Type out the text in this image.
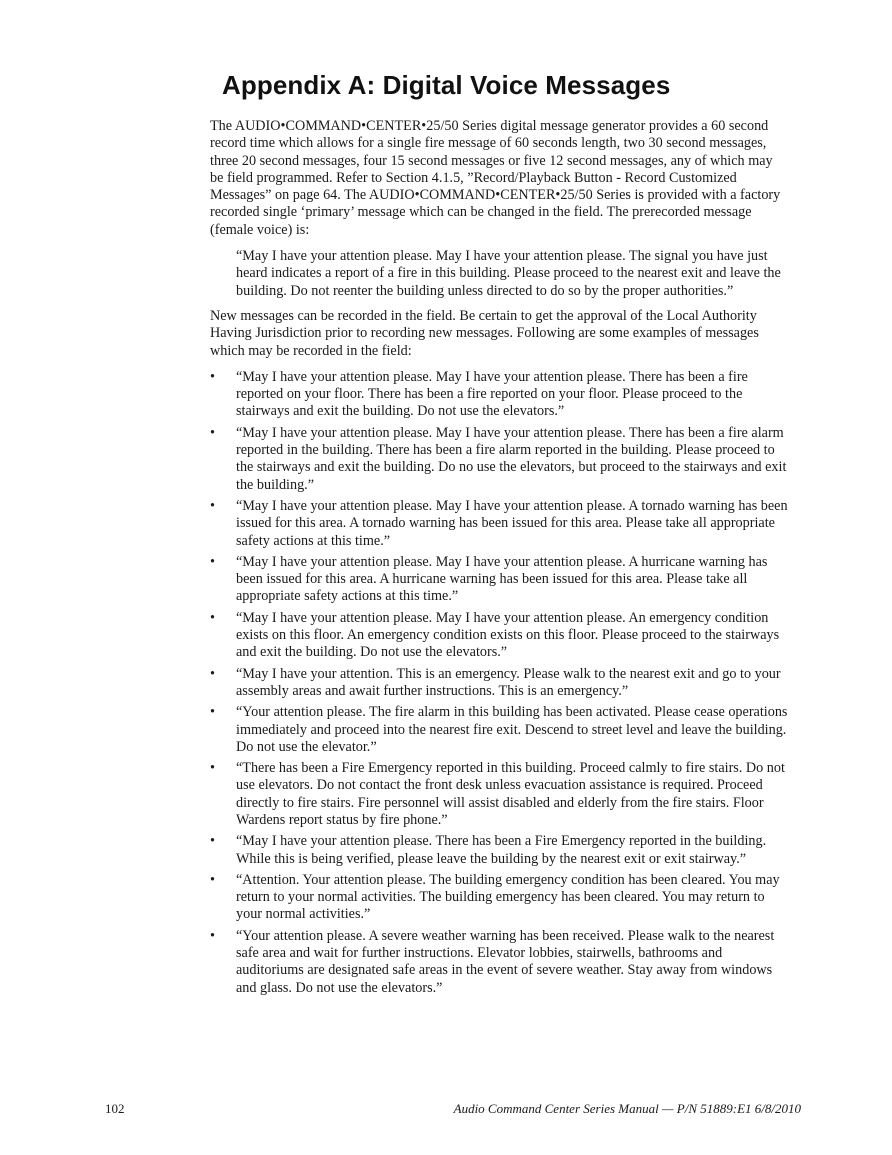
Appendix A: Digital Voice Messages

The AUDIO•COMMAND•CENTER•25/50 Series digital message generator provides a 60 second record time which allows for a single fire message of 60 seconds length, two 30 second messages, three 20 second messages, four 15 second messages or five 12 second messages, any of which may be field programmed. Refer to Section 4.1.5, ”Record/Playback Button - Record Customized Messages” on page 64. The AUDIO•COMMAND•CENTER•25/50 Series is provided with a factory recorded single ‘primary’ message which can be changed in the field. The prerecorded message (female voice) is:

“May I have your attention please. May I have your attention please. The signal you have just heard indicates a report of a fire in this building. Please proceed to the nearest exit and leave the building. Do not reenter the building unless directed to do so by the proper authorities.”

New messages can be recorded in the field. Be certain to get the approval of the Local Authority Having Jurisdiction prior to recording new messages. Following are some examples of messages which may be recorded in the field:

• “May I have your attention please. May I have your attention please. There has been a fire reported on your floor. There has been a fire reported on your floor. Please proceed to the stairways and exit the building. Do not use the elevators.”
• “May I have your attention please. May I have your attention please. There has been a fire alarm reported in the building. There has been a fire alarm reported in the building. Please proceed to the stairways and exit the building. Do no use the elevators, but proceed to the stairways and exit the building.”
• “May I have your attention please. May I have your attention please. A tornado warning has been issued for this area. A tornado warning has been issued for this area. Please take all appropriate safety actions at this time.”
• “May I have your attention please. May I have your attention please. A hurricane warning has been issued for this area. A hurricane warning has been issued for this area. Please take all appropriate safety actions at this time.”
• “May I have your attention please. May I have your attention please. An emergency condition exists on this floor. An emergency condition exists on this floor. Please proceed to the stairways and exit the building. Do not use the elevators.”
• “May I have your attention. This is an emergency. Please walk to the nearest exit and go to your assembly areas and await further instructions. This is an emergency.”
• “Your attention please. The fire alarm in this building has been activated. Please cease operations immediately and proceed into the nearest fire exit. Descend to street level and leave the building. Do not use the elevator.”
• “There has been a Fire Emergency reported in this building. Proceed calmly to fire stairs. Do not use elevators. Do not contact the front desk unless evacuation assistance is required. Proceed directly to fire stairs. Fire personnel will assist disabled and elderly from the fire stairs. Floor Wardens report status by fire phone.”
• “May I have your attention please. There has been a Fire Emergency reported in the building. While this is being verified, please leave the building by the nearest exit or exit stairway.”
• “Attention. Your attention please. The building emergency condition has been cleared. You may return to your normal activities. The building emergency has been cleared. You may return to your normal activities.”
• “Your attention please. A severe weather warning has been received. Please walk to the nearest safe area and wait for further instructions. Elevator lobbies, stairwells, bathrooms and auditoriums are designated safe areas in the event of severe weather. Stay away from windows and glass. Do not use the elevators.”
102	Audio Command Center Series Manual — P/N 51889:E1 6/8/2010
